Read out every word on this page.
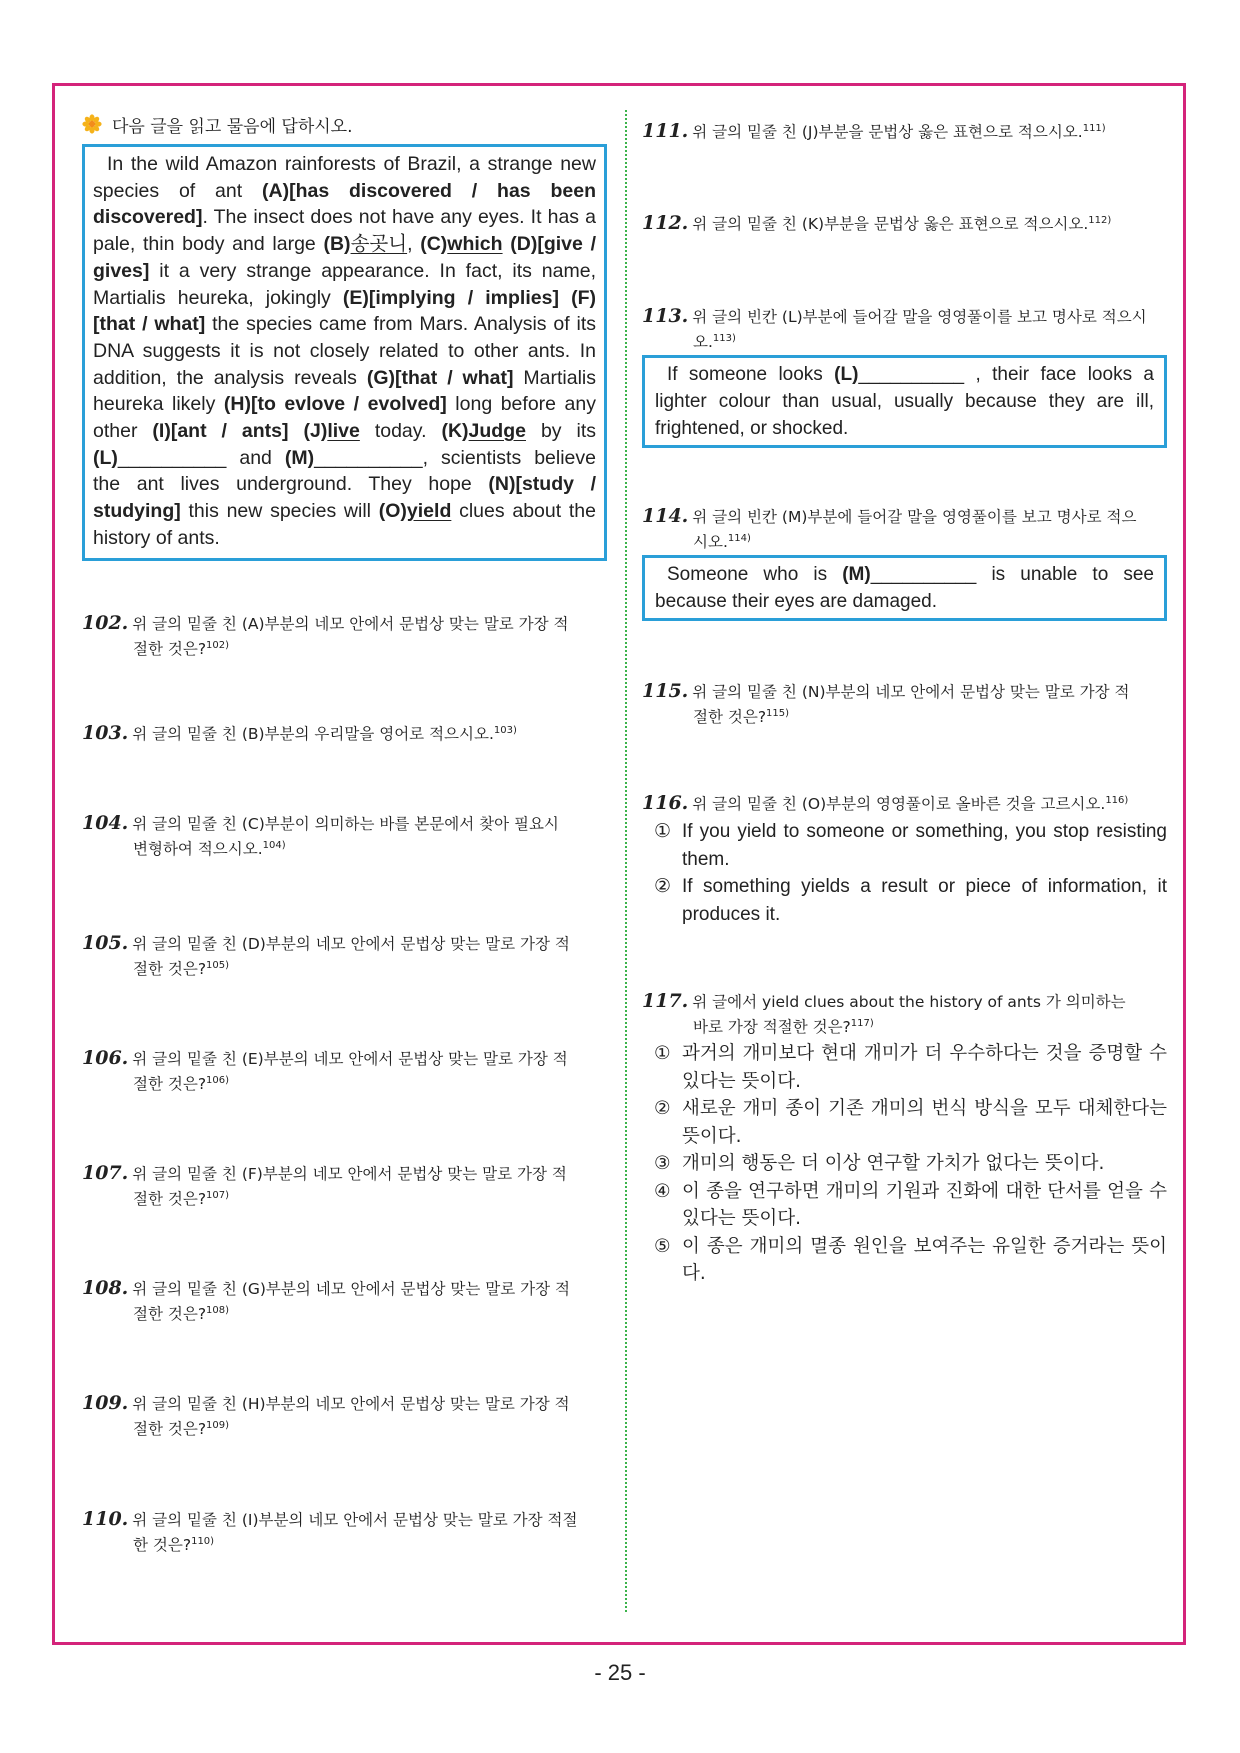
다음 글을 읽고 물음에 답하시오.
In the wild Amazon rainforests of Brazil, a strange new species of ant (A)[has discovered / has been discovered]. The insect does not have any eyes. It has a pale, thin body and large (B)송곳니, (C)which (D)[give / gives] it a very strange appearance. In fact, its name, Martialis heureka, jokingly (E)[implying / implies] (F)[that / what] the species came from Mars. Analysis of its DNA suggests it is not closely related to other ants. In addition, the analysis reveals (G)[that / what] Martialis heureka likely (H)[to evlove / evolved] long before any other (I)[ant / ants] (J)live today. (K)Judge by its (L)__________ and (M)__________, scientists believe the ant lives underground. They hope (N)[study / studying] this new species will (O)yield clues about the history of ants.
102. 위 글의 밑줄 친 (A)부분의 네모 안에서 문법상 맞는 말로 가장 적
절한 것은?$^{102)}$
103. 위 글의 밑줄 친 (B)부분의 우리말을 영어로 적으시오.$^{103)}$
104. 위 글의 밑줄 친 (C)부분이 의미하는 바를 본문에서 찾아 필요시
변형하여 적으시오.$^{104)}$
105. 위 글의 밑줄 친 (D)부분의 네모 안에서 문법상 맞는 말로 가장 적
절한 것은?$^{105)}$
106. 위 글의 밑줄 친 (E)부분의 네모 안에서 문법상 맞는 말로 가장 적
절한 것은?$^{106)}$
107. 위 글의 밑줄 친 (F)부분의 네모 안에서 문법상 맞는 말로 가장 적
절한 것은?$^{107)}$
108. 위 글의 밑줄 친 (G)부분의 네모 안에서 문법상 맞는 말로 가장 적
절한 것은?$^{108)}$
109. 위 글의 밑줄 친 (H)부분의 네모 안에서 문법상 맞는 말로 가장 적
절한 것은?$^{109)}$
110. 위 글의 밑줄 친 (I)부분의 네모 안에서 문법상 맞는 말로 가장 적절
한 것은?$^{110)}$
111. 위 글의 밑줄 친 (J)부분을 문법상 옳은 표현으로 적으시오.$^{111)}$
112. 위 글의 밑줄 친 (K)부분을 문법상 옳은 표현으로 적으시오.$^{112)}$
113. 위 글의 빈칸 (L)부분에 들어갈 말을 영영풀이를 보고 명사로 적으시
오.$^{113)}$
If someone looks (L)__________ , their face looks a lighter colour than usual, usually because they are ill, frightened, or shocked.
114. 위 글의 빈칸 (M)부분에 들어갈 말을 영영풀이를 보고 명사로 적으
시오.$^{114)}$
Someone who is (M)__________ is unable to see because their eyes are damaged.
115. 위 글의 밑줄 친 (N)부분의 네모 안에서 문법상 맞는 말로 가장 적
절한 것은?$^{115)}$
116. 위 글의 밑줄 친 (O)부분의 영영풀이로 올바른 것을 고르시오.$^{116)}$
① If you yield to someone or something, you stop resisting them.
② If something yields a result or piece of information, it produces it.
117. 위 글에서 yield clues about the history of ants 가 의미하는
바로 가장 적절한 것은?$^{117)}$
① 과거의 개미보다 현대 개미가 더 우수하다는 것을 증명할 수 있다는 뜻이다.
② 새로운 개미 종이 기존 개미의 번식 방식을 모두 대체한다는 뜻이다.
③ 개미의 행동은 더 이상 연구할 가치가 없다는 뜻이다.
④ 이 종을 연구하면 개미의 기원과 진화에 대한 단서를 얻을 수 있다는 뜻이다.
⑤ 이 종은 개미의 멸종 원인을 보여주는 유일한 증거라는 뜻이다.
- 25 -
